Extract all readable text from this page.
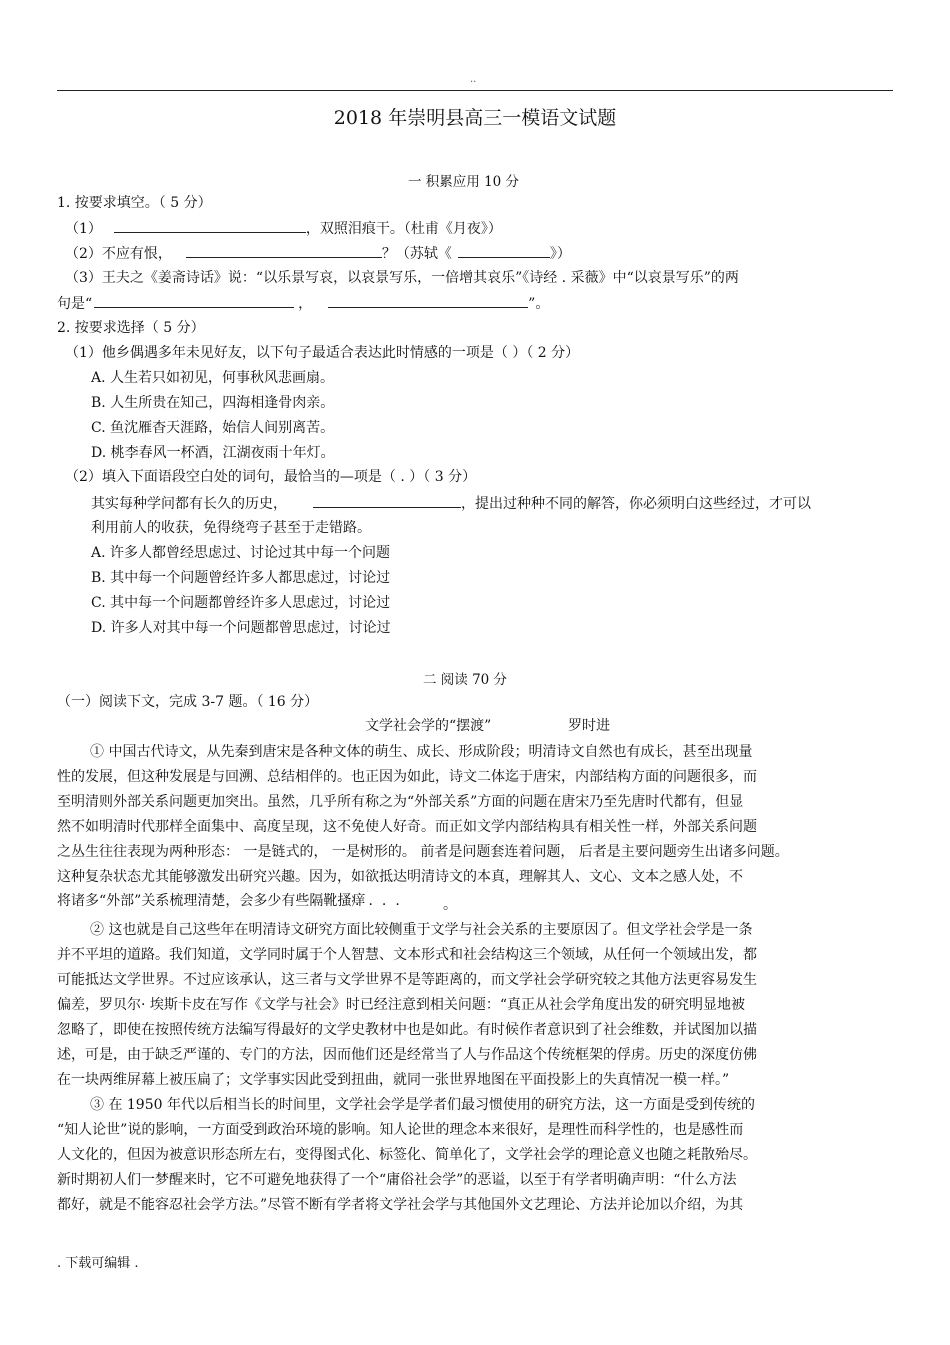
..
2018 年崇明县高三一模语文试题
一 积累应用 10 分
1. 按要求填空。（ 5 分）
（1）	，双照泪痕干。（杜甫《月夜》）
（2）不应有恨，	？（苏轼《	》）
（3）王夫之《姜斋诗话》说：“以乐景写哀，以哀景写乐，一倍增其哀乐”《诗经 . 采薇》中“以哀景写乐”的两
句是“	，	”。
2. 按要求选择（ 5 分）
（1）他乡偶遇多年未见好友，以下句子最适合表达此时情感的一项是（ ）（ 2 分）
A. 人生若只如初见，何事秋风悲画扇。
B. 人生所贵在知己，四海相逢骨肉亲。
C. 鱼沈雁杳天涯路，始信人间别离苦。
D. 桃李春风一杯酒，江湖夜雨十年灯。
（2）填入下面语段空白处的词句，最恰当的—项是（ . ）（ 3 分）
其实每种学问都有长久的历史，	，提出过种种不同的解答，你必须明白这些经过，才可以
利用前人的收获，免得绕弯子甚至于走错路。
A. 许多人都曾经思虑过、讨论过其中每一个问题
B. 其中每一个问题曾经许多人都思虑过，讨论过
C. 其中每一个问题都曾经许多人思虑过，讨论过
D. 许多人对其中每一个问题都曾思虑过，讨论过
二 阅读 70 分
（一）阅读下文，完成 3-7 题。（ 16 分）
文学社会学的“摆渡”	罗时进
① 中国古代诗文，从先秦到唐宋是各种文体的萌生、成长、形成阶段；明清诗文自然也有成长，甚至出现量
性的发展，但这种发展是与回溯、总结相伴的。也正因为如此，诗文二体迄于唐宋，内部结构方面的问题很多，而
至明清则外部关系问题更加突出。虽然，几乎所有称之为“外部关系”方面的问题在唐宋乃至先唐时代都有，但显
然不如明清时代那样全面集中、高度呈现，这不免使人好奇。而正如文学内部结构具有相关性一样，外部关系问题
之丛生往往表现为两种形态： 一是链式的， 一是树形的。 前者是问题套连着问题， 后者是主要问题旁生出诸多问题。
这种复杂状态尤其能够激发出研究兴趣。因为，如欲抵达明清诗文的本真，理解其人、文心、文本之感人处，不
将诸多“外部”关系梳理清楚，会多少有些隔靴搔痒
···· 。
② 这也就是自己这些年在明清诗文研究方面比较侧重于文学与社会关系的主要原因了。但文学社会学是一条
并不平坦的道路。我们知道，文学同时属于个人智慧、文本形式和社会结构这三个领域，从任何一个领域出发，都
可能抵达文学世界。不过应该承认，这三者与文学世界不是等距离的，而文学社会学研究较之其他方法更容易发生
偏差，罗贝尔· 埃斯卡皮在写作《文学与社会》时已经注意到相关问题：“真正从社会学角度出发的研究明显地被
忽略了，即使在按照传统方法编写得最好的文学史教材中也是如此。有时候作者意识到了社会维数，并试图加以描
述，可是，由于缺乏严谨的、专门的方法，因而他们还是经常当了人与作品这个传统框架的俘虏。历史的深度仿佛
在一块两维屏幕上被压扁了；文学事实因此受到扭曲，就同一张世界地图在平面投影上的失真情况一模一样。”
③ 在 1950 年代以后相当长的时间里，文学社会学是学者们最习惯使用的研究方法，这一方面是受到传统的
“知人论世”说的影响，一方面受到政治环境的影响。知人论世的理念本来很好，是理性而科学性的，也是感性而
人文化的，但因为被意识形态所左右，变得图式化、标签化、简单化了，文学社会学的理论意义也随之耗散殆尽。
新时期初人们一梦醒来时，它不可避免地获得了一个“庸俗社会学”的恶谥，以至于有学者明确声明：“什么方法
都好，就是不能容忍社会学方法。”尽管不断有学者将文学社会学与其他国外文艺理论、方法并论加以介绍，为其
. 下载可编辑 .
